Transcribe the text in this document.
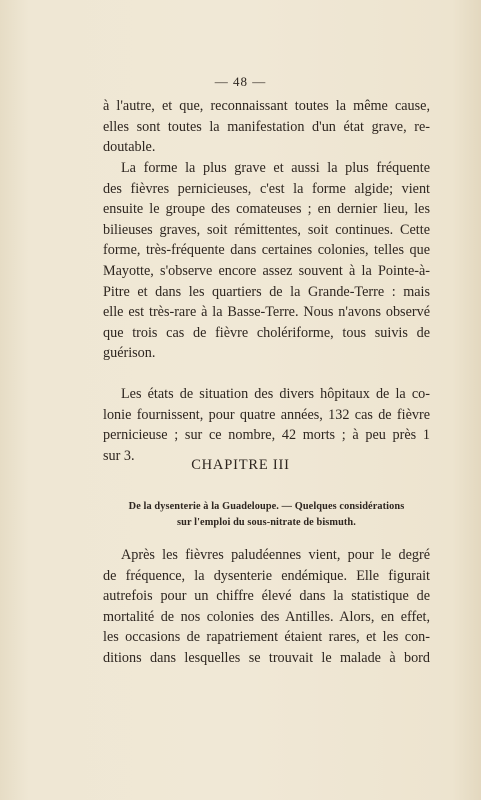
— 48 —
à l'autre, et que, reconnaissant toutes la même cause,
elles sont toutes la manifestation d'un état grave, re-
doutable.
La forme la plus grave et aussi la plus fréquente
des fièvres pernicieuses, c'est la forme algide; vient
ensuite le groupe des comateuses ; en dernier lieu, les
bilieuses graves, soit rémittentes, soit continues. Cette
forme, très-fréquente dans certaines colonies, telles que
Mayotte, s'observe encore assez souvent à la Pointe-à-
Pitre et dans les quartiers de la Grande-Terre : mais
elle est très-rare à la Basse-Terre. Nous n'avons observé
que trois cas de fièvre cholériforme, tous suivis de
guérison.
Les états de situation des divers hôpitaux de la co-
lonie fournissent, pour quatre années, 132 cas de fièvre
pernicieuse ; sur ce nombre, 42 morts ; à peu près 1
sur 3.
CHAPITRE III
De la dysenterie à la Guadeloupe. — Quelques considérations
sur l'emploi du sous-nitrate de bismuth.
Après les fièvres paludéennes vient, pour le degré
de fréquence, la dysenterie endémique. Elle figurait
autrefois pour un chiffre élevé dans la statistique de
mortalité de nos colonies des Antilles. Alors, en effet,
les occasions de rapatriement étaient rares, et les con-
ditions dans lesquelles se trouvait le malade à bord
